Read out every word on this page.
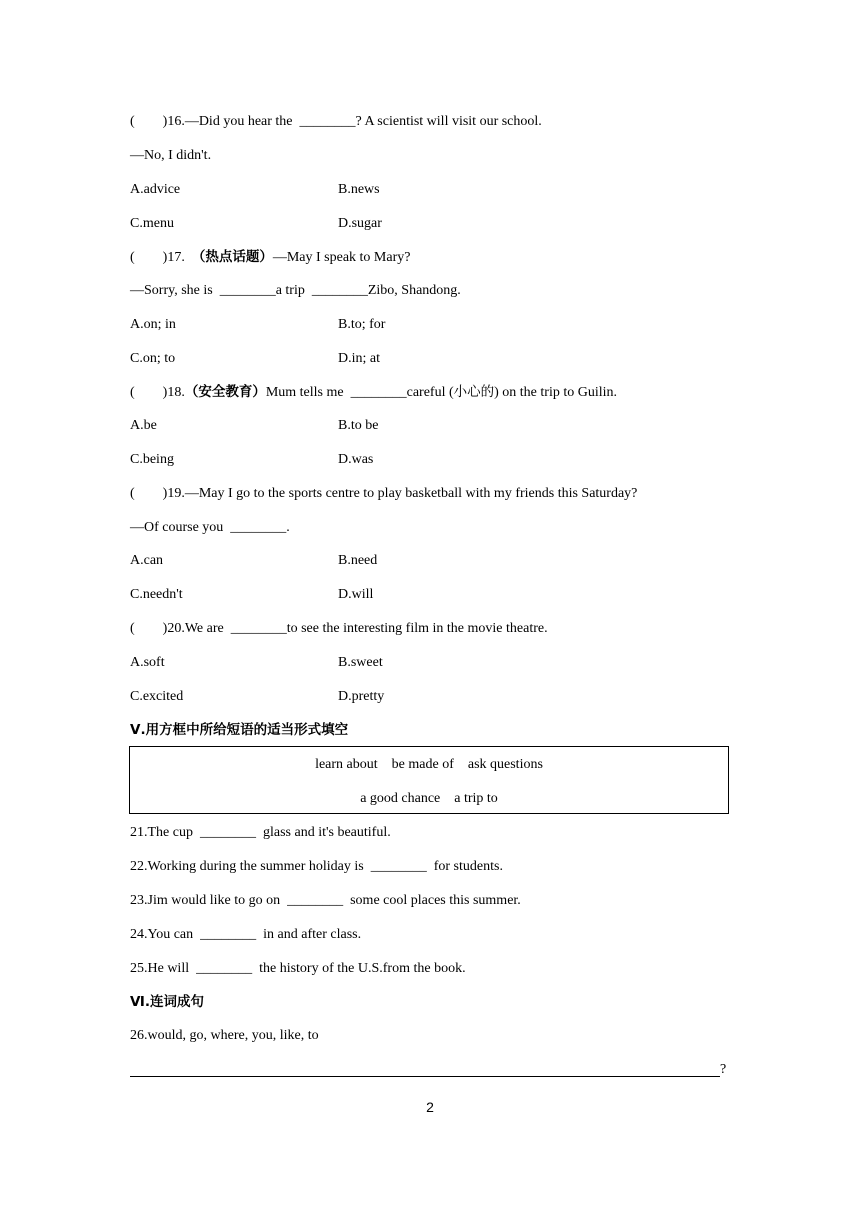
(        )16.—Did you hear the  ________? A scientist will visit our school.
—No, I didn't.
A.advice	B.news
C.menu	D.sugar
(        )17.  （热点话题）—May I speak to Mary?
—Sorry, she is  ________a trip  ________Zibo, Shandong.
A.on; in	B.to; for
C.on; to	D.in; at
(        )18.（安全教育）Mum tells me  ________careful (小心的) on the trip to Guilin.
A.be	B.to be
C.being	D.was
(        )19.—May I go to the sports centre to play basketball with my friends this Saturday?
—Of course you  ________.
A.can	B.need
C.needn't	D.will
(        )20.We are  ________to see the interesting film in the movie theatre.
A.soft	B.sweet
C.excited	D.pretty
Ⅴ.用方框中所给短语的适当形式填空
learn about    be made of    ask questions
a good chance    a trip to
21.The cup  ________  glass and it's beautiful.
22.Working during the summer holiday is  ________  for students.
23.Jim would like to go on  ________  some cool places this summer.
24.You can  ________  in and after class.
25.He will  ________  the history of the U.S.from the book.
Ⅵ.连词成句
26.would, go, where, you, like, to
?
2
